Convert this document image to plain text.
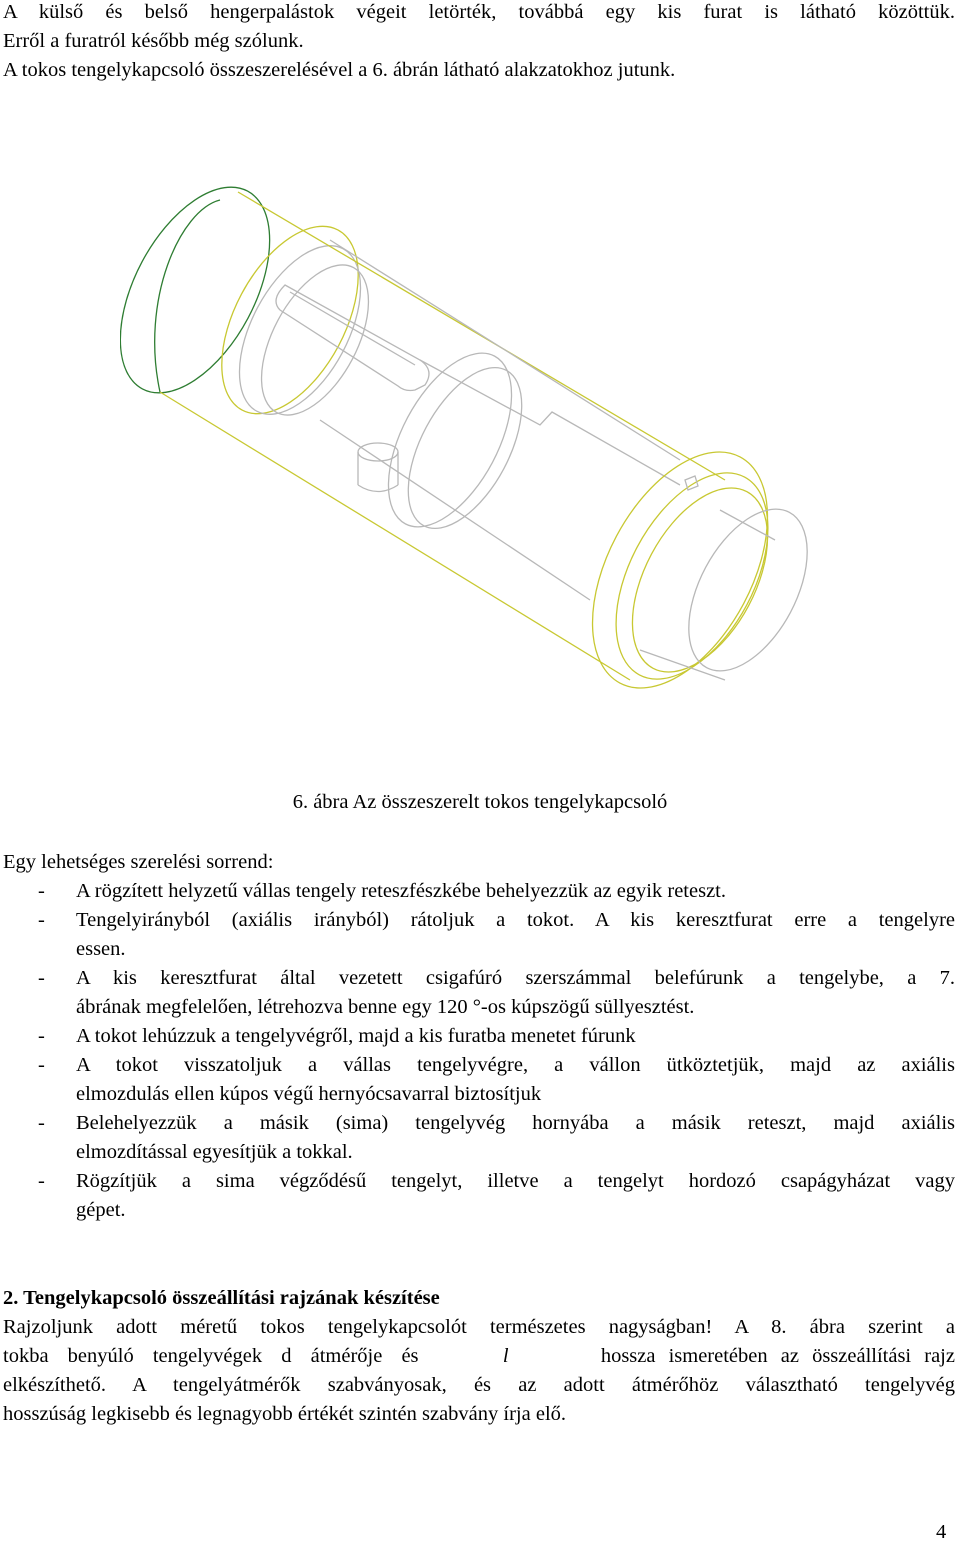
A külső és belső hengerpalástok végeit letörték, továbbá egy kis furat is látható közöttük.
Erről a furatról később még szólunk.
A tokos tengelykapcsoló összeszerelésével a 6. ábrán látható alakzatokhoz jutunk.
6. ábra Az összeszerelt tokos tengelykapcsoló
Egy lehetséges szerelési sorrend:
- A rögzített helyzetű vállas tengely reteszfészkébe behelyezzük az egyik reteszt.
- Tengelyirányból (axiális irányból) rátoljuk a tokot. A kis keresztfurat erre a tengelyre
essen.
- A kis keresztfurat által vezetett csigafúró szerszámmal belefúrunk a tengelybe, a 7.
ábrának megfelelően, létrehozva benne egy 120 °-os kúpszögű süllyesztést.
- A tokot lehúzzuk a tengelyvégről, majd a kis furatba menetet fúrunk
- A tokot visszatoljuk a vállas tengelyvégre, a vállon ütköztetjük, majd az axiális
elmozdulás ellen kúpos végű hernyócsavarral biztosítjuk
- Belehelyezzük a másik (sima) tengelyvég hornyába a másik reteszt, majd axiális
elmozdítással egyesítjük a tokkal.
- Rögzítjük a sima végződésű tengelyt, illetve a tengelyt hordozó csapágyházat vagy
gépet.
2. Tengelykapcsoló összeállítási rajzának készítése
Rajzoljunk adott méretű tokos tengelykapcsolót természetes nagyságban! A 8. ábra szerint a
tokba benyúló tengelyvégek d átmérője és	l	hossza ismeretében az összeállítási rajz
elkészíthető. A tengelyátmérők szabványosak, és az adott átmérőhöz választható tengelyvég
hosszúság legkisebb és legnagyobb értékét szintén szabvány írja elő.
4
